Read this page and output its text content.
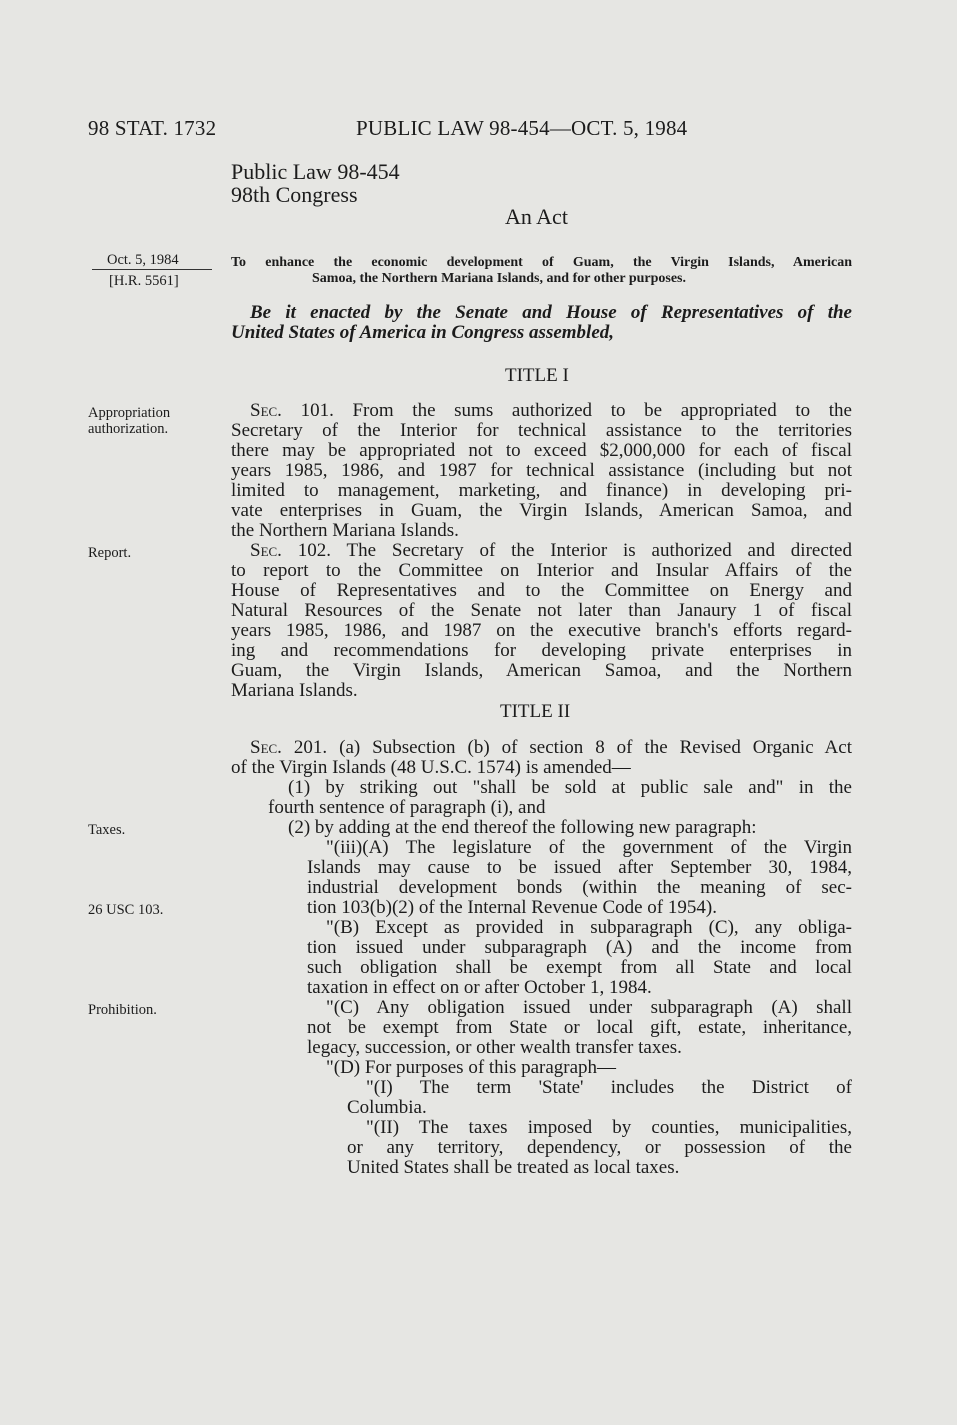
98 STAT. 1732	PUBLIC LAW 98-454—OCT. 5, 1984
Public Law 98-454
98th Congress
An Act
Oct. 5, 1984
[H.R. 5561]
To enhance the economic development of Guam, the Virgin Islands, American
Samoa, the Northern Mariana Islands, and for other purposes.
Be it enacted by the Senate and House of Representatives of the
United States of America in Congress assembled,
TITLE I
Appropriation
authorization.
Sec. 101. From the sums authorized to be appropriated to the
Secretary of the Interior for technical assistance to the territories
there may be appropriated not to exceed $2,000,000 for each of fiscal
years 1985, 1986, and 1987 for technical assistance (including but not
limited to management, marketing, and finance) in developing pri-
vate enterprises in Guam, the Virgin Islands, American Samoa, and
the Northern Mariana Islands.
Report.	Sec. 102. The Secretary of the Interior is authorized and directed
to report to the Committee on Interior and Insular Affairs of the
House of Representatives and to the Committee on Energy and
Natural Resources of the Senate not later than Janaury 1 of fiscal
years 1985, 1986, and 1987 on the executive branch's efforts regard-
ing and recommendations for developing private enterprises in
Guam, the Virgin Islands, American Samoa, and the Northern
Mariana Islands.
TITLE II
Sec. 201. (a) Subsection (b) of section 8 of the Revised Organic Act
of the Virgin Islands (48 U.S.C. 1574) is amended—
(1) by striking out "shall be sold at public sale and" in the
fourth sentence of paragraph (i), and
Taxes.	(2) by adding at the end thereof the following new paragraph:
"(iii)(A) The legislature of the government of the Virgin
Islands may cause to be issued after September 30, 1984,
industrial development bonds (within the meaning of sec-
26 USC 103.	tion 103(b)(2) of the Internal Revenue Code of 1954).
"(B) Except as provided in subparagraph (C), any obliga-
tion issued under subparagraph (A) and the income from
such obligation shall be exempt from all State and local
taxation in effect on or after October 1, 1984.
Prohibition.	"(C) Any obligation issued under subparagraph (A) shall
not be exempt from State or local gift, estate, inheritance,
legacy, succession, or other wealth transfer taxes.
"(D) For purposes of this paragraph—
"(I) The term 'State' includes the District of
Columbia.
"(II) The taxes imposed by counties, municipalities,
or any territory, dependency, or possession of the
United States shall be treated as local taxes.
